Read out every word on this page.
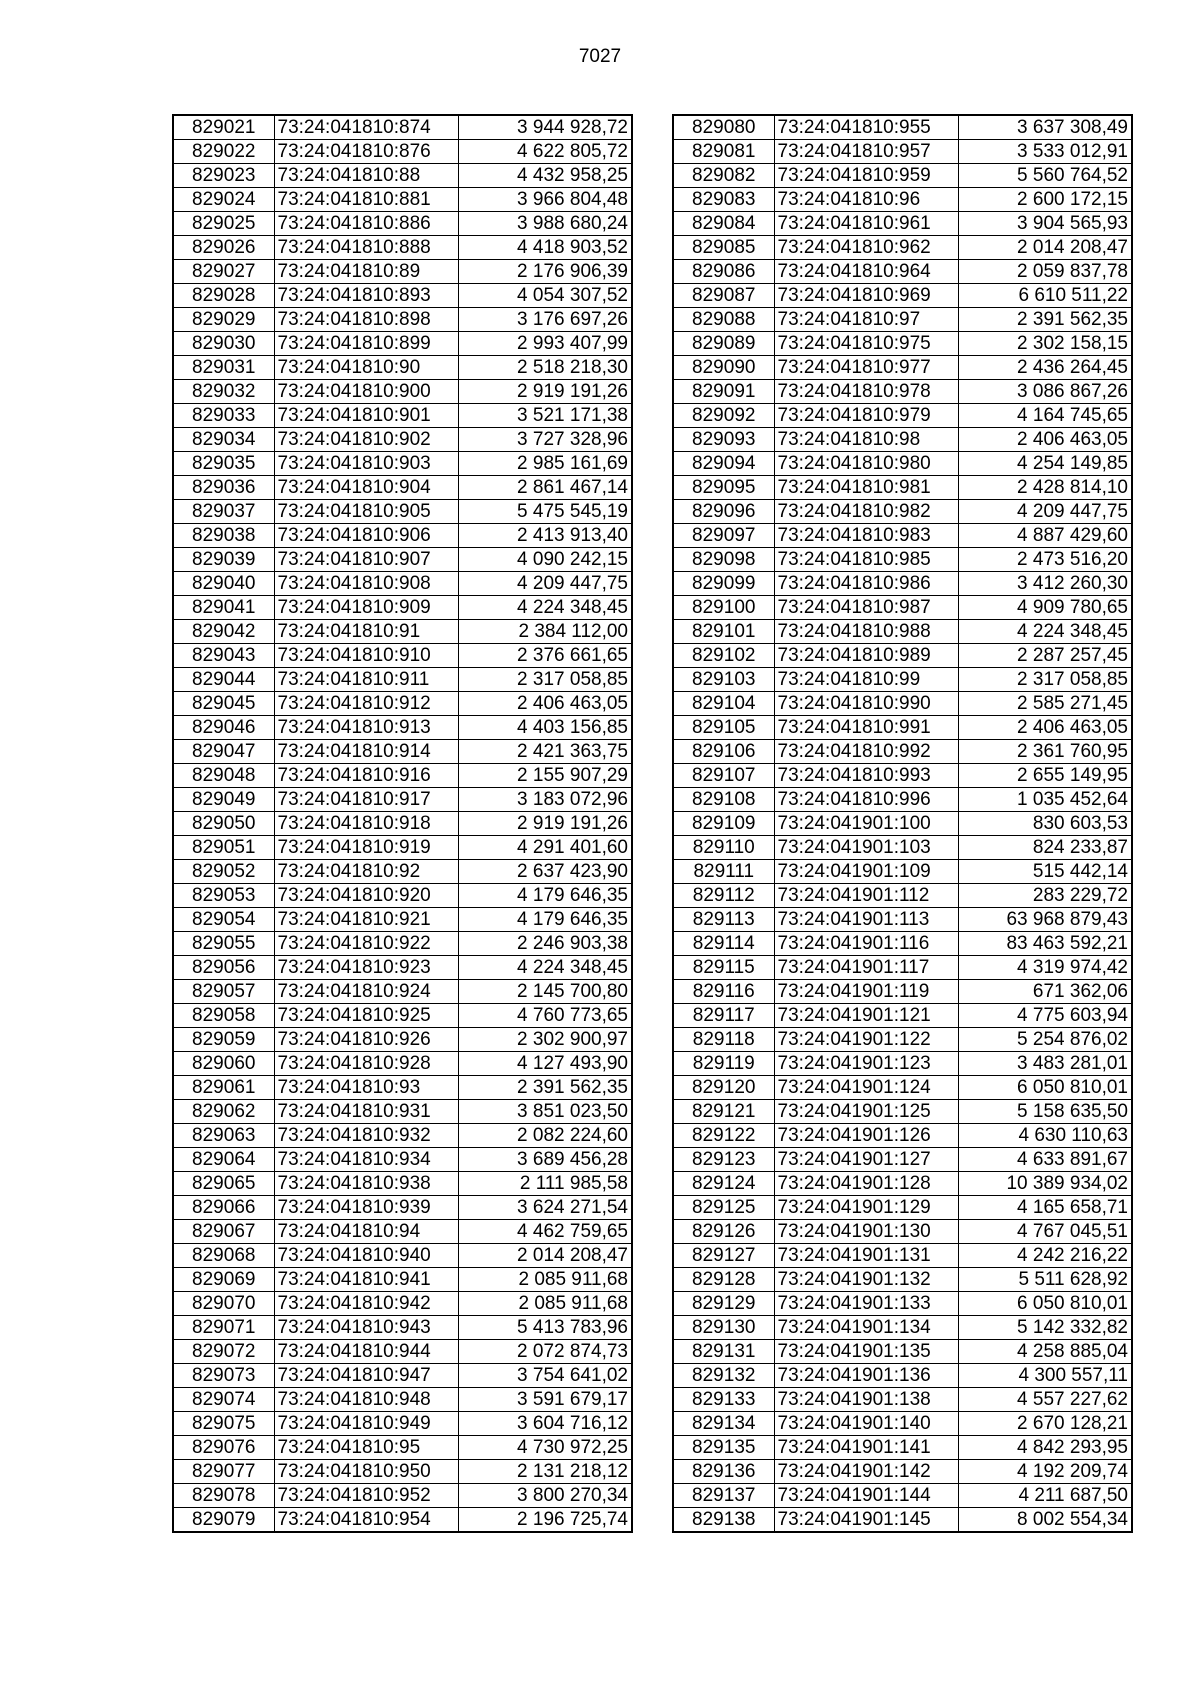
7027
829021	73:24:041810:874	3 944 928,72
829022	73:24:041810:876	4 622 805,72
829023	73:24:041810:88	4 432 958,25
829024	73:24:041810:881	3 966 804,48
829025	73:24:041810:886	3 988 680,24
829026	73:24:041810:888	4 418 903,52
829027	73:24:041810:89	2 176 906,39
829028	73:24:041810:893	4 054 307,52
829029	73:24:041810:898	3 176 697,26
829030	73:24:041810:899	2 993 407,99
829031	73:24:041810:90	2 518 218,30
829032	73:24:041810:900	2 919 191,26
829033	73:24:041810:901	3 521 171,38
829034	73:24:041810:902	3 727 328,96
829035	73:24:041810:903	2 985 161,69
829036	73:24:041810:904	2 861 467,14
829037	73:24:041810:905	5 475 545,19
829038	73:24:041810:906	2 413 913,40
829039	73:24:041810:907	4 090 242,15
829040	73:24:041810:908	4 209 447,75
829041	73:24:041810:909	4 224 348,45
829042	73:24:041810:91	2 384 112,00
829043	73:24:041810:910	2 376 661,65
829044	73:24:041810:911	2 317 058,85
829045	73:24:041810:912	2 406 463,05
829046	73:24:041810:913	4 403 156,85
829047	73:24:041810:914	2 421 363,75
829048	73:24:041810:916	2 155 907,29
829049	73:24:041810:917	3 183 072,96
829050	73:24:041810:918	2 919 191,26
829051	73:24:041810:919	4 291 401,60
829052	73:24:041810:92	2 637 423,90
829053	73:24:041810:920	4 179 646,35
829054	73:24:041810:921	4 179 646,35
829055	73:24:041810:922	2 246 903,38
829056	73:24:041810:923	4 224 348,45
829057	73:24:041810:924	2 145 700,80
829058	73:24:041810:925	4 760 773,65
829059	73:24:041810:926	2 302 900,97
829060	73:24:041810:928	4 127 493,90
829061	73:24:041810:93	2 391 562,35
829062	73:24:041810:931	3 851 023,50
829063	73:24:041810:932	2 082 224,60
829064	73:24:041810:934	3 689 456,28
829065	73:24:041810:938	2 111 985,58
829066	73:24:041810:939	3 624 271,54
829067	73:24:041810:94	4 462 759,65
829068	73:24:041810:940	2 014 208,47
829069	73:24:041810:941	2 085 911,68
829070	73:24:041810:942	2 085 911,68
829071	73:24:041810:943	5 413 783,96
829072	73:24:041810:944	2 072 874,73
829073	73:24:041810:947	3 754 641,02
829074	73:24:041810:948	3 591 679,17
829075	73:24:041810:949	3 604 716,12
829076	73:24:041810:95	4 730 972,25
829077	73:24:041810:950	2 131 218,12
829078	73:24:041810:952	3 800 270,34
829079	73:24:041810:954	2 196 725,74
829080	73:24:041810:955	3 637 308,49
829081	73:24:041810:957	3 533 012,91
829082	73:24:041810:959	5 560 764,52
829083	73:24:041810:96	2 600 172,15
829084	73:24:041810:961	3 904 565,93
829085	73:24:041810:962	2 014 208,47
829086	73:24:041810:964	2 059 837,78
829087	73:24:041810:969	6 610 511,22
829088	73:24:041810:97	2 391 562,35
829089	73:24:041810:975	2 302 158,15
829090	73:24:041810:977	2 436 264,45
829091	73:24:041810:978	3 086 867,26
829092	73:24:041810:979	4 164 745,65
829093	73:24:041810:98	2 406 463,05
829094	73:24:041810:980	4 254 149,85
829095	73:24:041810:981	2 428 814,10
829096	73:24:041810:982	4 209 447,75
829097	73:24:041810:983	4 887 429,60
829098	73:24:041810:985	2 473 516,20
829099	73:24:041810:986	3 412 260,30
829100	73:24:041810:987	4 909 780,65
829101	73:24:041810:988	4 224 348,45
829102	73:24:041810:989	2 287 257,45
829103	73:24:041810:99	2 317 058,85
829104	73:24:041810:990	2 585 271,45
829105	73:24:041810:991	2 406 463,05
829106	73:24:041810:992	2 361 760,95
829107	73:24:041810:993	2 655 149,95
829108	73:24:041810:996	1 035 452,64
829109	73:24:041901:100	830 603,53
829110	73:24:041901:103	824 233,87
829111	73:24:041901:109	515 442,14
829112	73:24:041901:112	283 229,72
829113	73:24:041901:113	63 968 879,43
829114	73:24:041901:116	83 463 592,21
829115	73:24:041901:117	4 319 974,42
829116	73:24:041901:119	671 362,06
829117	73:24:041901:121	4 775 603,94
829118	73:24:041901:122	5 254 876,02
829119	73:24:041901:123	3 483 281,01
829120	73:24:041901:124	6 050 810,01
829121	73:24:041901:125	5 158 635,50
829122	73:24:041901:126	4 630 110,63
829123	73:24:041901:127	4 633 891,67
829124	73:24:041901:128	10 389 934,02
829125	73:24:041901:129	4 165 658,71
829126	73:24:041901:130	4 767 045,51
829127	73:24:041901:131	4 242 216,22
829128	73:24:041901:132	5 511 628,92
829129	73:24:041901:133	6 050 810,01
829130	73:24:041901:134	5 142 332,82
829131	73:24:041901:135	4 258 885,04
829132	73:24:041901:136	4 300 557,11
829133	73:24:041901:138	4 557 227,62
829134	73:24:041901:140	2 670 128,21
829135	73:24:041901:141	4 842 293,95
829136	73:24:041901:142	4 192 209,74
829137	73:24:041901:144	4 211 687,50
829138	73:24:041901:145	8 002 554,34
